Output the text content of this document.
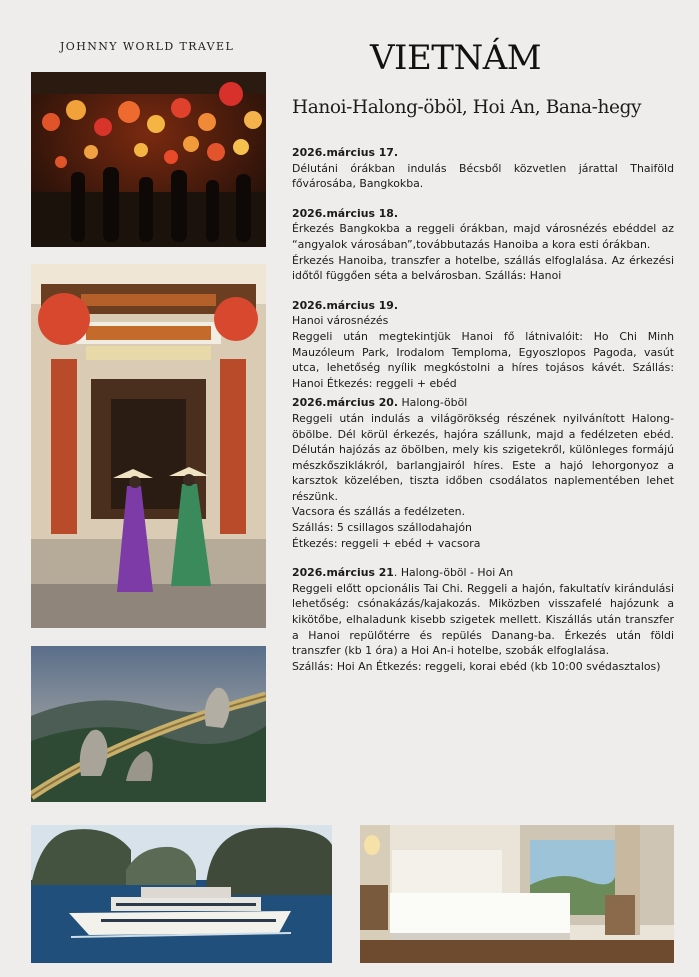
JOHNNY WORLD TRAVEL	VIETNÁM
Hanoi-Halong-öböl, Hoi An, Bana-hegy
2026.március 17.

Délutáni órákban indulás Bécsből közvetlen járattal Thaiföld fővárosába, Bangkokba.

2026.március 18.

Érkezés Bangkokba a reggeli órákban, majd városnézés ebéddel az “angyalok városában”,továbbutazás Hanoiba a kora esti órákban.

Érkezés Hanoiba, transzfer a hotelbe, szállás elfoglalása. Az érkezési időtől függően séta a belvárosban. Szállás: Hanoi

2026.március 19.

Hanoi városnézés

Reggeli után megtekintjük Hanoi fő látnivalóit: Ho Chi Minh Mauzóleum Park, Irodalom Temploma, Egyoszlopos Pagoda, vasút utca, lehetőség nyílik megkóstolni a híres tojásos kávét. Szállás: Hanoi Étkezés: reggeli + ebéd

2026.március 20. Halong-öböl

Reggeli után indulás a világörökség részének nyilvánított Halong-öbölbe. Dél körül érkezés, hajóra szállunk, majd a fedélzeten ebéd. Délután hajózás az öbölben, mely kis szigetekről, különleges formájú mészkősziklákról, barlangjairól híres. Este a hajó lehorgonyoz a karsztok közelében, tiszta időben csodálatos naplementében lehet részünk.

Vacsora és szállás a fedélzeten.

Szállás: 5 csillagos szállodahajón

Étkezés: reggeli + ebéd + vacsora

2026.március 21. Halong-öböl - Hoi An

Reggeli előtt opcionális Tai Chi. Reggeli a hajón, fakultatív kirándulási lehetőség: csónakázás/kajakozás. Miközben visszafelé hajózunk a kikötőbe, elhaladunk kisebb szigetek mellett. Kiszállás után transzfer a Hanoi repülőtérre és repülés Danang-ba. Érkezés után földi transzfer (kb 1 óra) a Hoi An-i hotelbe, szobák elfoglalása.

Szállás: Hoi An Étkezés: reggeli, korai ebéd (kb 10:00 svédasztalos)
